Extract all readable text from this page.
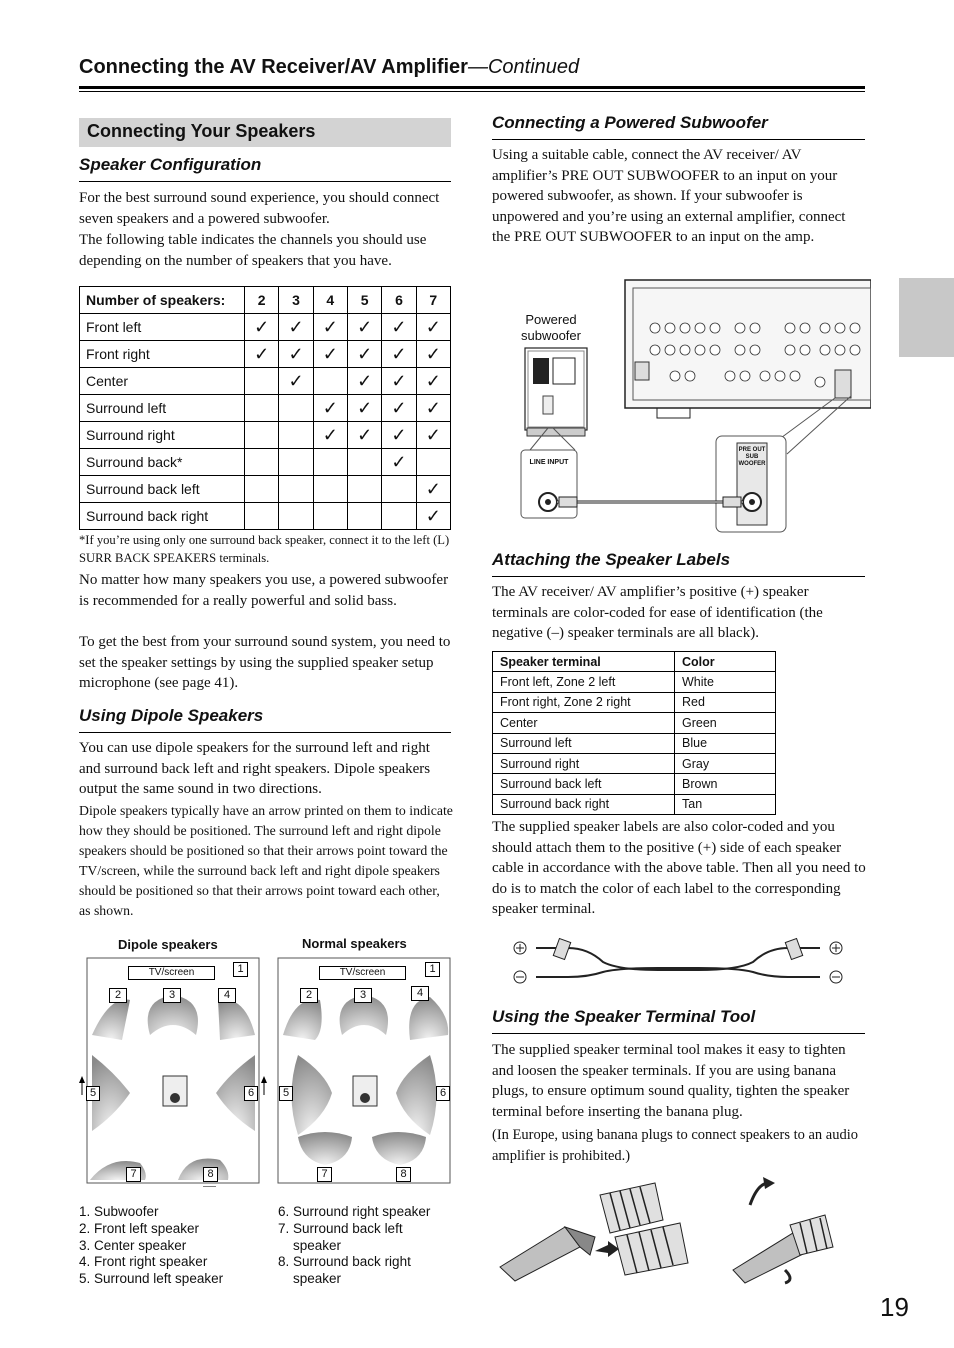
Connecting the AV Receiver/AV Amplifier—Continued
Connecting Your Speakers
Speaker Configuration
For the best surround sound experience, you should connect seven speakers and a powered subwoofer.
The following table indicates the channels you should use depending on the number of speakers that you have.
Number of speakers:	2	3	4	5	6	7
Front left	✓	✓	✓	✓	✓	✓
Front right	✓	✓	✓	✓	✓	✓
Center		✓		✓	✓	✓
Surround left			✓	✓	✓	✓
Surround right			✓	✓	✓	✓
Surround back*					✓	
Surround back left						✓
Surround back right						✓
*If you’re using only one surround back speaker, connect it to the left (L) SURR BACK SPEAKERS terminals.
No matter how many speakers you use, a powered subwoofer is recommended for a really powerful and solid bass.
To get the best from your surround sound system, you need to set the speaker settings by using the supplied speaker setup microphone (see page 41).
Using Dipole Speakers
You can use dipole speakers for the surround left and right and surround back left and right speakers. Dipole speakers output the same sound in two directions.
Dipole speakers typically have an arrow printed on them to indicate how they should be positioned. The surround left and right dipole speakers should be positioned so that their arrows point toward the TV/screen, while the surround back left and right dipole speakers should be positioned so that their arrows point toward each other, as shown.
Dipole speakers	Normal speakers
TV/screen	TV/screen
1
2	3	4
5	6
7	8
1
2	3	4
5	6
7	8
1. Subwoofer
2. Front left speaker
3. Center speaker
4. Front right speaker
5. Surround left speaker
6. Surround right speaker
7. Surround back left
speaker
8. Surround back right
speaker
Connecting a Powered Subwoofer
Using a suitable cable, connect the AV receiver/ AV amplifier’s PRE OUT SUBWOOFER to an input on your powered subwoofer, as shown. If your subwoofer is unpowered and you’re using an external amplifier, connect the PRE OUT SUBWOOFER to an input on the amp.
Powered
subwoofer
LINE INPUT
PRE OUT
SUB
WOOFER
Attaching the Speaker Labels
The AV receiver/ AV amplifier’s positive (+) speaker terminals are color-coded for ease of identification (the negative (–) speaker terminals are all black).
Speaker terminal	Color
Front left, Zone 2 left	White
Front right, Zone 2 right	Red
Center	Green
Surround left	Blue
Surround right	Gray
Surround back left	Brown
Surround back right	Tan
The supplied speaker labels are also color-coded and you should attach them to the positive (+) side of each speaker cable in accordance with the above table. Then all you need to do is to match the color of each label to the corresponding speaker terminal.
Using the Speaker Terminal Tool
The supplied speaker terminal tool makes it easy to tighten and loosen the speaker terminals. If you are using banana plugs, to ensure optimum sound quality, tighten the speaker terminal before inserting the banana plug.
(In Europe, using banana plugs to connect speakers to an audio amplifier is prohibited.)
19
